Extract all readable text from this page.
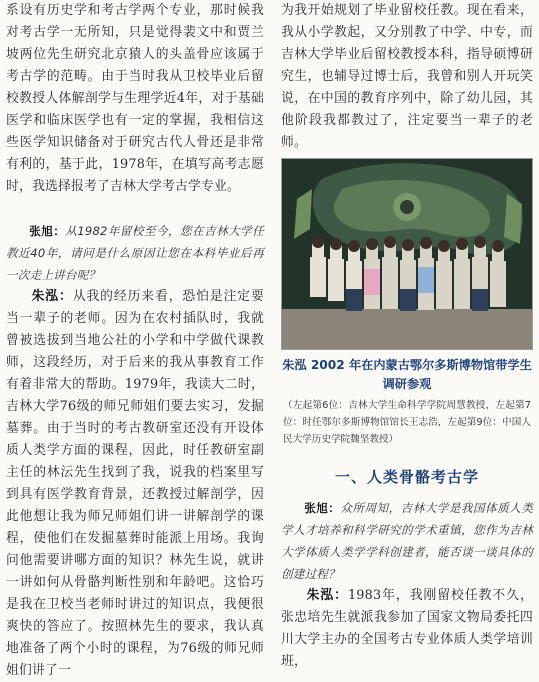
系设有历史学和考古学两个专业，那时候我对考古学一无所知，只是觉得裴文中和贾兰坡两位先生研究北京猿人的头盖骨应该属于考古学的范畴。由于当时我从卫校毕业后留校教授人体解剖学与生理学近4年，对于基础医学和临床医学也有一定的掌握，我相信这些医学知识储备对于研究古代人骨还是非常有利的，基于此，1978年，在填写高考志愿时，我选择报考了吉林大学考古学专业。

张旭：从1982年留校至今，您在吉林大学任教近40年，请问是什么原因让您在本科毕业后再一次走上讲台呢？

朱泓：从我的经历来看，恐怕是注定要当一辈子的老师。因为在农村插队时，我就曾被选拔到当地公社的小学和中学做代课教师，这段经历，对于后来的我从事教育工作有着非常大的帮助。1979年，我读大二时，吉林大学76级的师兄师姐们要去实习，发掘墓葬。由于当时的考古教研室还没有开设体质人类学方面的课程，因此，时任教研室副主任的林沄先生找到了我，说我的档案里写到具有医学教育背景，还教授过解剖学，因此他想让我为师兄师姐们讲一讲解剖学的课程，使他们在发掘墓葬时能派上用场。我询问他需要讲哪方面的知识？林先生说，就讲一讲如何从骨骼判断性别和年龄吧。这恰巧是我在卫校当老师时讲过的知识点，我便很爽快的答应了。按照林先生的要求，我认真地准备了两个小时的课程，为76级的师兄师姐们讲了一

为我开始规划了毕业留校任教。现在看来，我从小学教起，又分别教了中学、中专，而吉林大学毕业后留校教授本科，指导硕博研究生，也辅导过博士后，我曾和别人开玩笑说，在中国的教育序列中，除了幼儿园，其他阶段我都教过了，注定要当一辈子的老师。

朱泓 2002 年在内蒙古鄂尔多斯博物馆带学生调研参观
（左起第6位：吉林大学生命科学学院周慧教授，左起第7位：时任鄂尔多斯博物馆馆长王志浩，左起第9位：中国人民大学历史学院魏坚教授）
一、人类骨骼考古学

张旭：众所周知，吉林大学是我国体质人类学人才培养和科学研究的学术重镇，您作为吉林大学体质人类学学科创建者，能否谈一谈具体的创建过程？

朱泓：1983年，我刚留校任教不久，张忠培先生就派我参加了国家文物局委托四川大学主办的全国考古专业体质人类学培训班，
